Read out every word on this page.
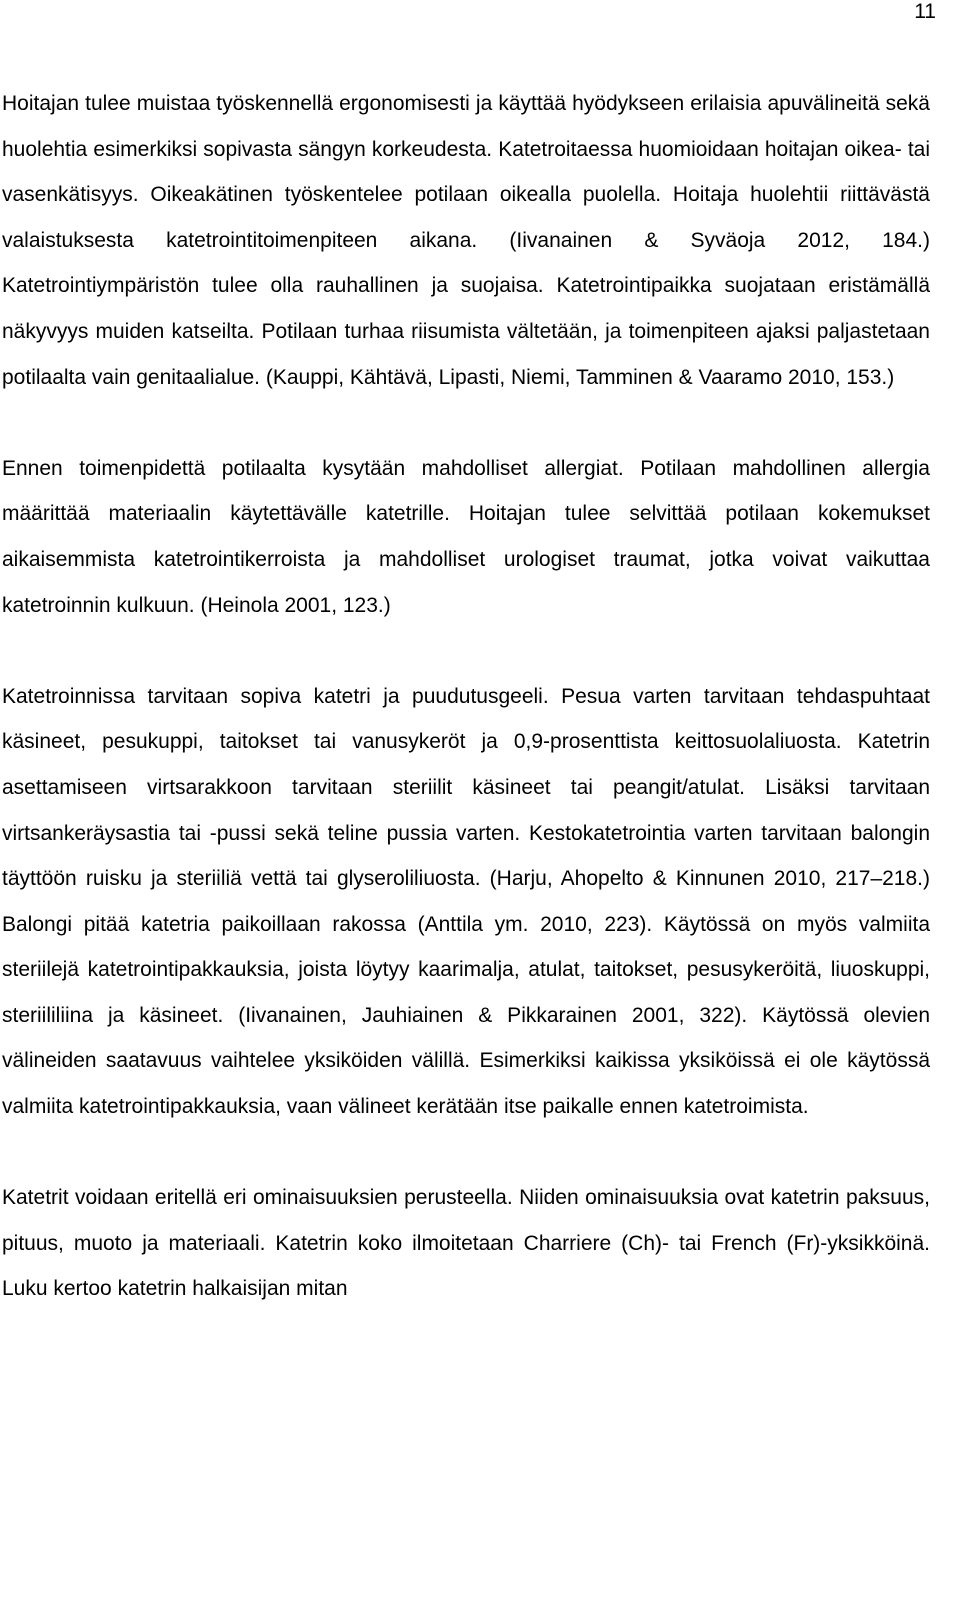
11

Hoitajan tulee muistaa työskennellä ergonomisesti ja käyttää hyödykseen erilaisia apuvälineitä sekä huolehtia esimerkiksi sopivasta sängyn korkeudesta. Katetroitaessa huomioidaan hoitajan oikea- tai vasenkätisyys. Oikeakätinen työskentelee potilaan oikealla puolella. Hoitaja huolehtii riittävästä valaistuksesta katetrointitoimenpiteen aikana. (Iivanainen & Syväoja 2012, 184.) Katetrointiympäristön tulee olla rauhallinen ja suojaisa. Katetrointipaikka suojataan eristämällä näkyvyys muiden katseilta. Potilaan turhaa riisumista vältetään, ja toimenpiteen ajaksi paljastetaan potilaalta vain genitaalialue. (Kauppi, Kähtävä, Lipasti, Niemi, Tamminen & Vaaramo 2010, 153.)

Ennen toimenpidettä potilaalta kysytään mahdolliset allergiat. Potilaan mahdollinen allergia määrittää materiaalin käytettävälle katetrille. Hoitajan tulee selvittää potilaan kokemukset aikaisemmista katetrointikerroista ja mahdolliset urologiset traumat, jotka voivat vaikuttaa katetroinnin kulkuun. (Heinola 2001, 123.)

Katetroinnissa tarvitaan sopiva katetri ja puudutusgeeli. Pesua varten tarvitaan tehdaspuhtaat käsineet, pesukuppi, taitokset tai vanusykeröt ja 0,9-prosenttista keittosuolaliuosta. Katetrin asettamiseen virtsarakkoon tarvitaan steriilit käsineet tai peangit/atulat. Lisäksi tarvitaan virtsankeräysastia tai -pussi sekä teline pussia varten. Kestokatetrointia varten tarvitaan balongin täyttöön ruisku ja steriiliä vettä tai glyseroliliuosta. (Harju, Ahopelto & Kinnunen 2010, 217–218.) Balongi pitää katetria paikoillaan rakossa (Anttila ym. 2010, 223). Käytössä on myös valmiita steriilejä katetrointipakkauksia, joista löytyy kaarimalja, atulat, taitokset, pesusykeröitä, liuoskuppi, steriililiina ja käsineet. (Iivanainen, Jauhiainen & Pikkarainen 2001, 322). Käytössä olevien välineiden saatavuus vaihtelee yksiköiden välillä. Esimerkiksi kaikissa yksiköissä ei ole käytössä valmiita katetrointipakkauksia, vaan välineet kerätään itse paikalle ennen katetroimista.

Katetrit voidaan eritellä eri ominaisuuksien perusteella. Niiden ominaisuuksia ovat katetrin paksuus, pituus, muoto ja materiaali. Katetrin koko ilmoitetaan Charriere (Ch)- tai French (Fr)-yksikköinä. Luku kertoo katetrin halkaisijan mitan
